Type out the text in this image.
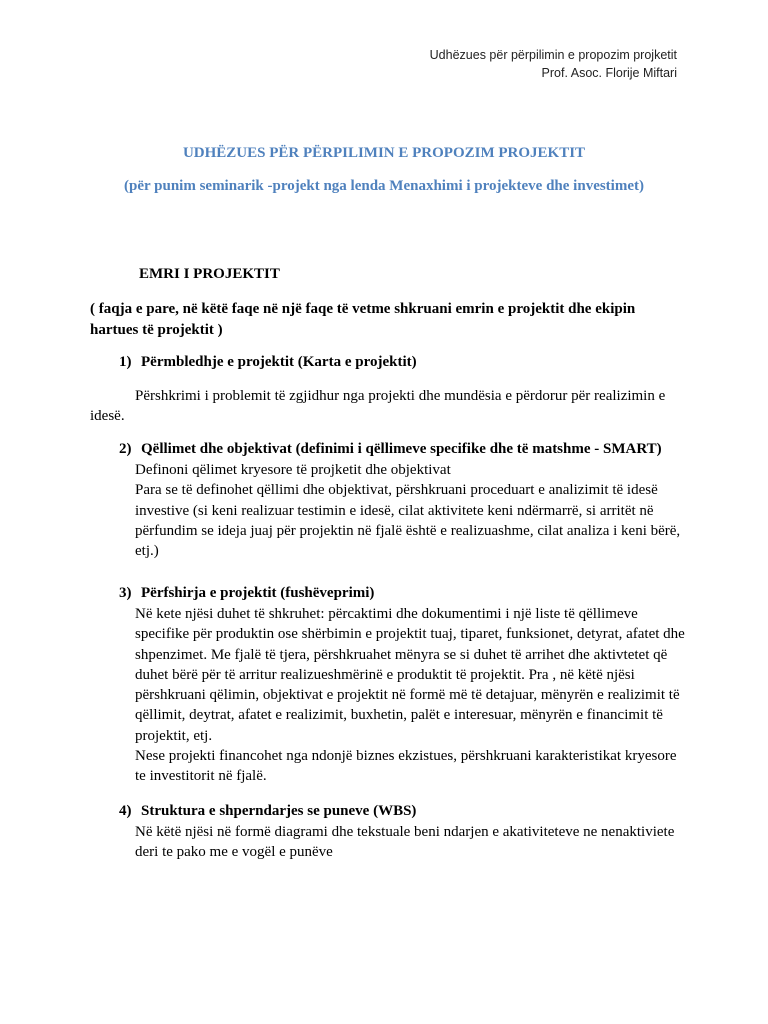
Udhëzues për përpilimin e propozim projketit
Prof. Asoc. Florije Miftari
UDHËZUES PËR PËRPILIMIN E PROPOZIM PROJEKTIT
(për punim seminarik -projekt nga lenda Menaxhimi i projekteve dhe investimet)
EMRI I PROJEKTIT
( faqja e pare, në këtë faqe në një faqe të vetme shkruani emrin e projektit dhe ekipin hartues të projektit )
1) Përmbledhje e projektit (Karta e projektit)
Përshkrimi i problemit të zgjidhur nga projekti dhe mundësia e përdorur për realizimin e idesë.
2) Qëllimet dhe objektivat (definimi i qëllimeve specifike dhe të matshme - SMART)
Definoni qëlimet kryesore të projketit dhe objektivat
Para se të definohet qëllimi dhe objektivat, përshkruani proceduart e analizimit të idesë investive (si keni realizuar testimin e idesë, cilat aktivitete keni ndërmarrë, si arritët në përfundim se ideja juaj për projektin në fjalë është e realizuashme, cilat analiza i keni bërë, etj.)
3) Përfshirja e projektit (fushëveprimi)
Në kete njësi duhet të shkruhet: përcaktimi dhe dokumentimi i një liste të qëllimeve specifike për produktin ose shërbimin e projektit tuaj, tiparet, funksionet, detyrat, afatet dhe shpenzimet. Me fjalë të tjera, përshkruahet mënyra se si duhet të arrihet dhe aktivtetet që duhet bërë për të arritur realizueshmërinë e produktit të projektit. Pra , në këtë njësi përshkruani qëlimin, objektivat e projektit në formë më të detajuar, mënyrën e realizimit të qëllimit, deytrat, afatet e realizimit, buxhetin, palët e interesuar, mënyrën e financimit të projektit, etj.
Nese projekti financohet nga ndonjë biznes ekzistues, përshkruani karakteristikat kryesore te investitorit në fjalë.
4) Struktura e shperndarjes se puneve (WBS)
Në këtë njësi në formë diagrami dhe tekstuale beni ndarjen e akativiteteve ne nenaktiviete deri te pako me e vogël e punëve
